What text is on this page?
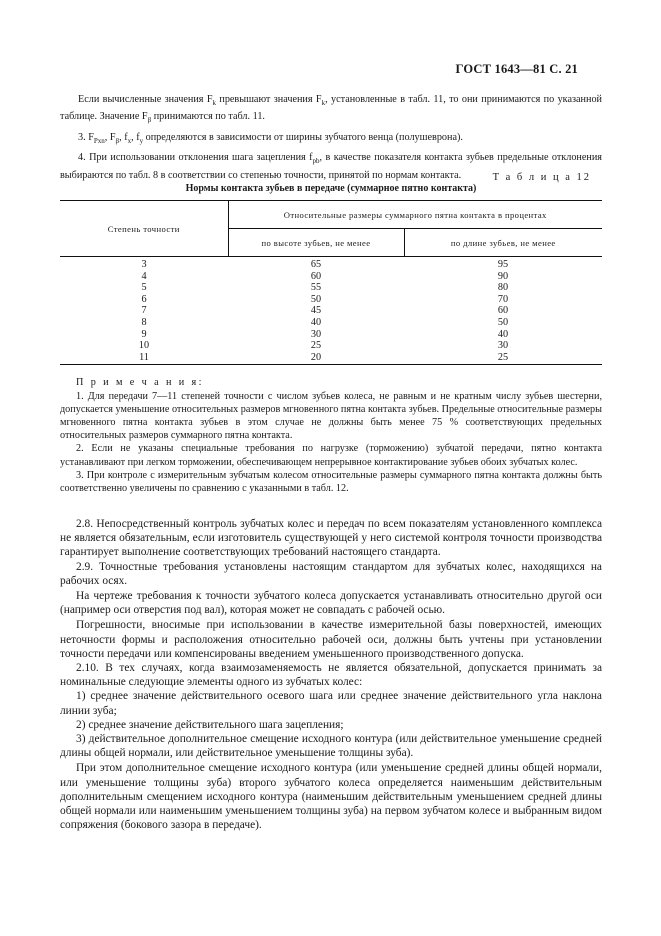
ГОСТ 1643—81 С. 21

Если вычисленные значения $F_k$ превышают значения $F_k$, установленные в табл. 11, то они принимаются по указанной таблице. Значение $F_\beta$ принимаются по табл. 11.

3. $F_{Pxn}$, $F_\beta$, $f_x$, $f_y$ определяются в зависимости от ширины зубчатого венца (полушеврона).

4. При использовании отклонения шага зацепления $f_{pb}$, в качестве показателя контакта зубьев предельные отклонения выбираются по табл. 8 в соответствии со степенью точности, принятой по нормам контакта.	Т а б л и ц а 12
Нормы контакта зубьев в передаче (суммарное пятно контакта)
Степень точности	Относительные размеры суммарного пятна контакта в процентах	
	по высоте зубьев, не менее	по длине зубьев, не менее
3	65	95
4	60	90
5	55	80
6	50	70
7	45	60
8	40	50
9	30	40
10	25	30
11	20	25
П р и м е ч а н и я:

1. Для передачи 7—11 степеней точности с числом зубьев колеса, не равным и не кратным числу зубьев шестерни, допускается уменьшение относительных размеров мгновенного пятна контакта зубьев. Предельные относительные размеры мгновенного пятна контакта зубьев в этом случае не должны быть менее 75 % соответствующих предельных относительных размеров суммарного пятна контакта.

2. Если не указаны специальные требования по нагрузке (торможению) зубчатой передачи, пятно контакта устанавливают при легком торможении, обеспечивающем непрерывное контактирование зубьев обоих зубчатых колес.

3. При контроле с измерительным зубчатым колесом относительные размеры суммарного пятна контакта должны быть соответственно увеличены по сравнению с указанными в табл. 12.

2.8. Непосредственный контроль зубчатых колес и передач по всем показателям установленного комплекса не является обязательным, если изготовитель существующей у него системой контроля точности производства гарантирует выполнение соответствующих требований настоящего стандарта.

2.9. Точностные требования установлены настоящим стандартом для зубчатых колес, находящихся на рабочих осях.

На чертеже требования к точности зубчатого колеса допускается устанавливать относительно другой оси (например оси отверстия под вал), которая может не совпадать с рабочей осью.

Погрешности, вносимые при использовании в качестве измерительной базы поверхностей, имеющих неточности формы и расположения относительно рабочей оси, должны быть учтены при установлении точности передачи или компенсированы введением уменьшенного производственного допуска.

2.10. В тех случаях, когда взаимозаменяемость не является обязательной, допускается принимать за номинальные следующие элементы одного из зубчатых колес:

1) среднее значение действительного осевого шага или среднее значение действительного угла наклона линии зуба;

2) среднее значение действительного шага зацепления;

3) действительное дополнительное смещение исходного контура (или действительное уменьшение средней длины общей нормали, или действительное уменьшение толщины зуба).

При этом дополнительное смещение исходного контура (или уменьшение средней длины общей нормали, или уменьшение толщины зуба) второго зубчатого колеса определяется наименьшим действительным дополнительным смещением исходного контура (наименьшим действительным уменьшением средней длины общей нормали или наименьшим уменьшением толщины зуба) на первом зубчатом колесе и выбранным видом сопряжения (бокового зазора в передаче).
